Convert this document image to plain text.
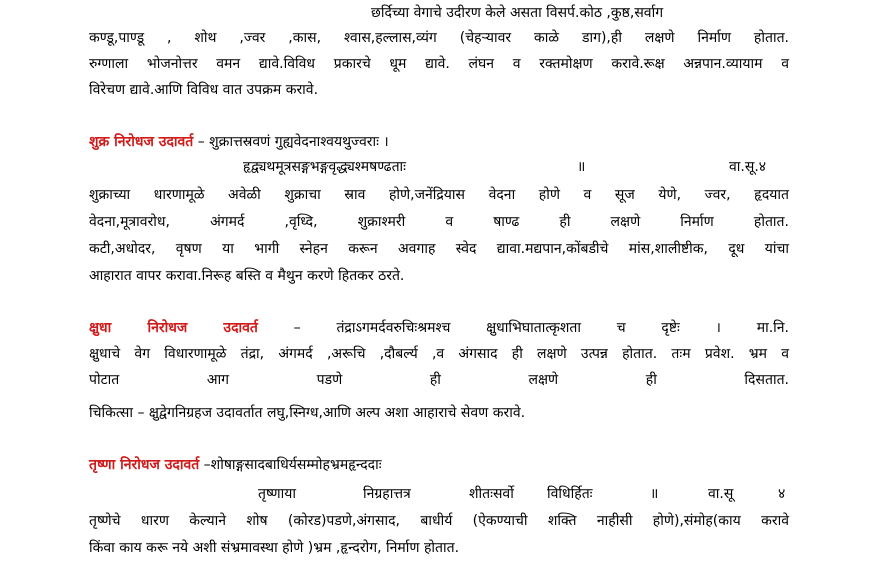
छर्दिच्या वेगाचे उदीरण केले असता विसर्प.कोठ ,कुष्ठ,सर्वाग
कण्डू,पाण्डू , शोथ ,ज्वर ,कास, श्वास,हल्लास,व्यंग (चेहऱ्यावर काळे डाग),ही लक्षणे निर्माण होतात.
रुग्णाला भोजनोत्तर वमन द्यावे.विविध प्रकारचे धूम द्यावे. लंघन व रक्तमोक्षण करावे.रूक्ष अन्नपान.व्यायाम व
विरेचण द्यावे.आणि विविध वात उपक्रम करावे.
शुक्र निरोधज उदावर्त – शुक्रात्तस्रवणं गुह्यवेदनाश्वयथुज्वराः ।
हृद्व्यथमूत्रसङ्गभङ्गवृद्ध्यश्मषण्ढताः	॥	वा.सू.४
शुक्राच्या धारणामूळे अवेळी शुक्राचा स्राव होणे,जनेंद्रियास वेदना होणे व सूज येणे, ज्वर, हृदयात
वेदना,मूत्रावरोध, अंगमर्द ,वृध्दि, शुक्राश्मरी व षाण्ढ ही लक्षणे निर्माण होतात.
कटी,अधोदर, वृषण या भागी स्नेहन करून अवगाह स्वेद द्यावा.मद्यपान,कोंबडीचे मांस,शालीष्टीक, दूध यांचा
आहारात वापर करावा.निरूह बस्ति व मैथुन करणे हितकर ठरते.
क्षुधा निरोधज उदावर्त – तंद्राऽगमर्दवरुचिःश्रमश्च क्षुधाभिघातात्कृशता च दृष्टेः । मा.नि.
क्षुधाचे वेग विधारणामूळे तंद्रा, अंगमर्द ,अरूचि ,दौबर्ल्य ,व अंगसाद ही लक्षणे उत्पन्न होतात. तःम प्रवेश. भ्रम व
पोटात आग पडणे ही लक्षणे ही दिसतात.
चिकित्सा – क्षुद्वेगनिग्रहज उदावर्तात लघु,स्निग्ध,आणि अल्प अशा आहाराचे सेवण करावे.
तृष्णा निरोधज उदावर्त –शोषाङ्गसादबाधिर्यसम्मोहभ्रमहृन्ददाः
तृष्णाया	निग्रहात्तत्र	शीतःसर्वो विधिर्हितः	॥	वा.सू	४
तृष्णेचे धारण केल्याने शोष (कोरड)पडणे,अंगसाद, बाधीर्य (ऐकण्याची शक्ति नाहीसी होणे),संमोह(काय करावे
किंवा काय करू नये अशी संभ्रमावस्था होणे )भ्रम ,हृन्दरोग, निर्माण होतात.
